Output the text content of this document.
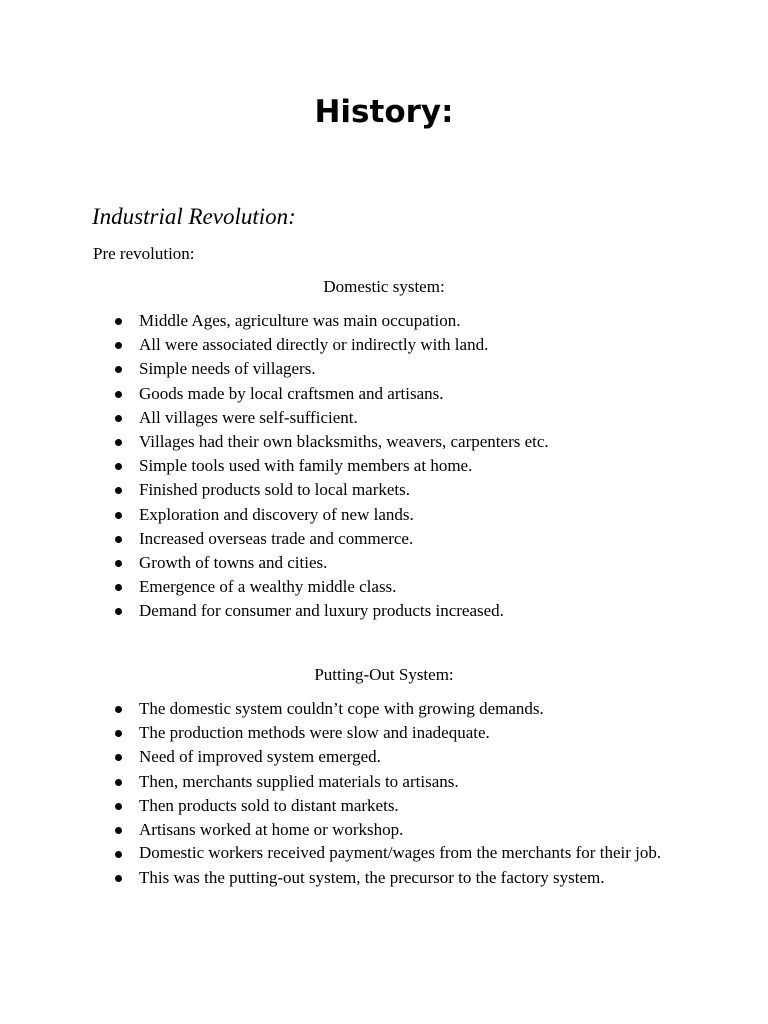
History:
Industrial Revolution:

Pre revolution:

Domestic system:

Middle Ages, agriculture was main occupation.
All were associated directly or indirectly with land.
Simple needs of villagers.
Goods made by local craftsmen and artisans.
All villages were self-sufficient.
Villages had their own blacksmiths, weavers, carpenters etc.
Simple tools used with family members at home.
Finished products sold to local markets.
Exploration and discovery of new lands.
Increased overseas trade and commerce.
Growth of towns and cities.
Emergence of a wealthy middle class.
Demand for consumer and luxury products increased.

Putting-Out System:

The domestic system couldn’t cope with growing demands.
The production methods were slow and inadequate.
Need of improved system emerged.
Then, merchants supplied materials to artisans.
Then products sold to distant markets.
Artisans worked at home or workshop.
Domestic workers received payment/wages from the merchants for their job.
This was the putting-out system, the precursor to the factory system.
